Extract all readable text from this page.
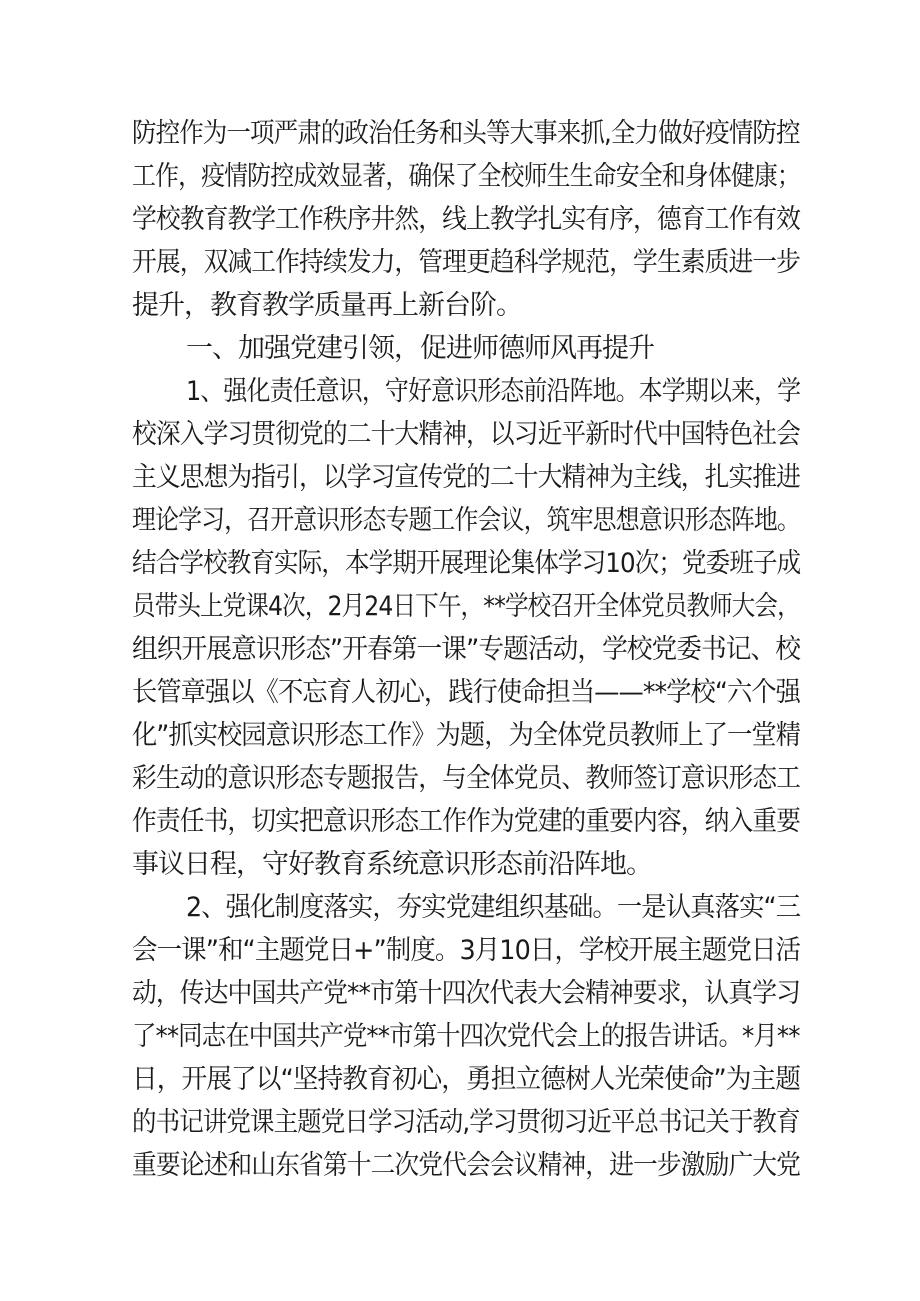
防控作为一项严肃的政治任务和头等大事来抓,全力做好疫情防控

工作，疫情防控成效显著，确保了全校师生生命安全和身体健康；

学校教育教学工作秩序井然，线上教学扎实有序，德育工作有效

开展，双减工作持续发力，管理更趋科学规范，学生素质进一步

提升，教育教学质量再上新台阶。

一、加强党建引领，促进师德师风再提升

1、强化责任意识，守好意识形态前沿阵地。本学期以来，学

校深入学习贯彻党的二十大精神，以习近平新时代中国特色社会

主义思想为指引，以学习宣传党的二十大精神为主线，扎实推进

理论学习，召开意识形态专题工作会议，筑牢思想意识形态阵地。

结合学校教育实际，本学期开展理论集体学习10次；党委班子成

员带头上党课4次，2月24日下午，**学校召开全体党员教师大会，

组织开展意识形态”开春第一课”专题活动，学校党委书记、校

长管章强以《不忘育人初心，践行使命担当——**学校“六个强

化”抓实校园意识形态工作》为题，为全体党员教师上了一堂精

彩生动的意识形态专题报告，与全体党员、教师签订意识形态工

作责任书，切实把意识形态工作作为党建的重要内容，纳入重要

事议日程，守好教育系统意识形态前沿阵地。

2、强化制度落实，夯实党建组织基础。一是认真落实“三

会一课”和“主题党日+”制度。3月10日，学校开展主题党日活

动，传达中国共产党**市第十四次代表大会精神要求，认真学习

了**同志在中国共产党**市第十四次党代会上的报告讲话。*月**

日，开展了以“坚持教育初心，勇担立德树人光荣使命”为主题

的书记讲党课主题党日学习活动,学习贯彻习近平总书记关于教育

重要论述和山东省第十二次党代会会议精神，进一步激励广大党
